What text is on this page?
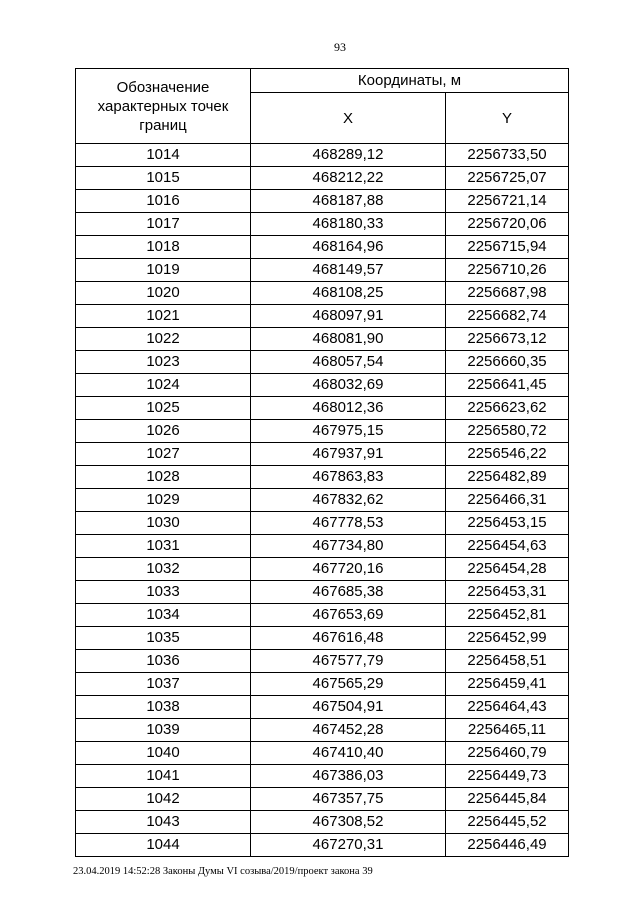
93
Обозначение
характерных точек
границ	Координаты, м	
	X	Y
1014	468289,12	2256733,50
1015	468212,22	2256725,07
1016	468187,88	2256721,14
1017	468180,33	2256720,06
1018	468164,96	2256715,94
1019	468149,57	2256710,26
1020	468108,25	2256687,98
1021	468097,91	2256682,74
1022	468081,90	2256673,12
1023	468057,54	2256660,35
1024	468032,69	2256641,45
1025	468012,36	2256623,62
1026	467975,15	2256580,72
1027	467937,91	2256546,22
1028	467863,83	2256482,89
1029	467832,62	2256466,31
1030	467778,53	2256453,15
1031	467734,80	2256454,63
1032	467720,16	2256454,28
1033	467685,38	2256453,31
1034	467653,69	2256452,81
1035	467616,48	2256452,99
1036	467577,79	2256458,51
1037	467565,29	2256459,41
1038	467504,91	2256464,43
1039	467452,28	2256465,11
1040	467410,40	2256460,79
1041	467386,03	2256449,73
1042	467357,75	2256445,84
1043	467308,52	2256445,52
1044	467270,31	2256446,49
23.04.2019 14:52:28 Законы Думы VI созыва/2019/проект закона 39
